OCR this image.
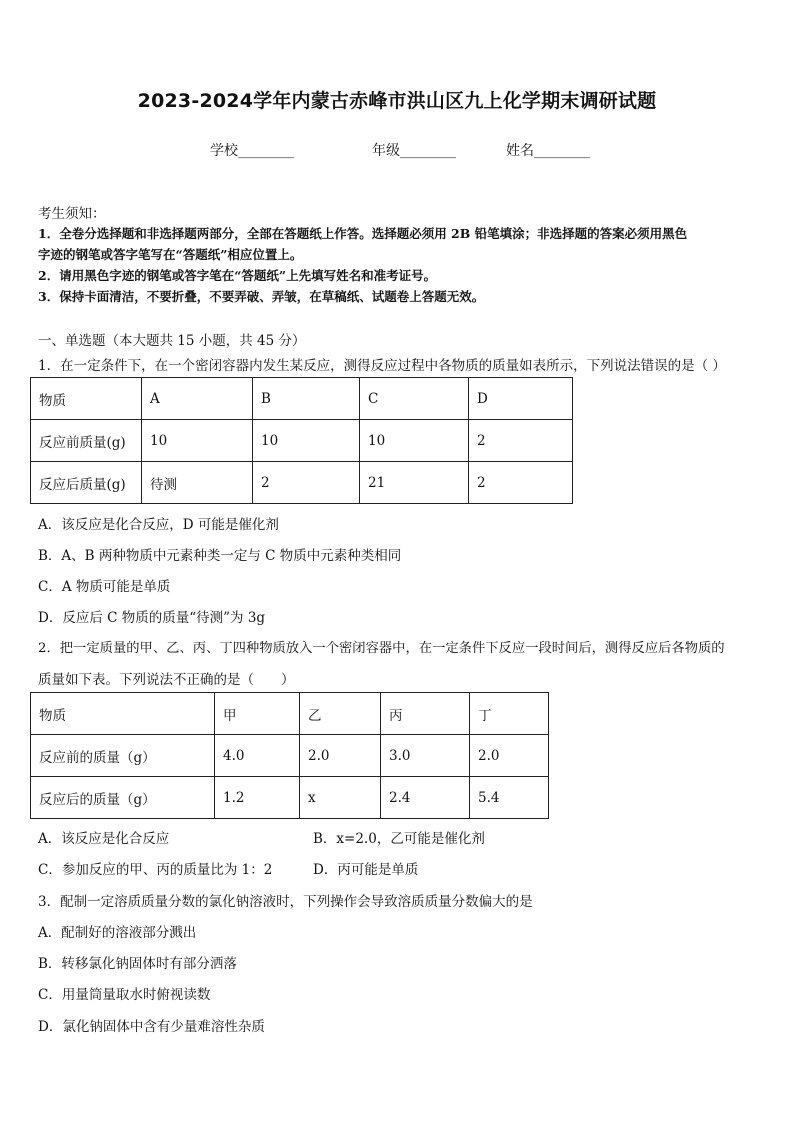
2023-2024学年内蒙古赤峰市洪山区九上化学期末调研试题
学校________	年级________	姓名________
考生须知：
1．全卷分选择题和非选择题两部分，全部在答题纸上作答。选择题必须用 2B 铅笔填涂；非选择题的答案必须用黑色
字迹的钢笔或答字笔写在“答题纸”相应位置上。
2．请用黑色字迹的钢笔或答字笔在“答题纸”上先填写姓名和准考证号。
3．保持卡面清洁，不要折叠，不要弄破、弄皱，在草稿纸、试题卷上答题无效。
一、单选题（本大题共 15 小题，共 45 分）
1．在一定条件下，在一个密闭容器内发生某反应，测得反应过程中各物质的质量如表所示，下列说法错误的是（ ）
物质	A	B	C	D
反应前质量(g)	10	10	10	2
反应后质量(g)	待测	2	21	2
A．该反应是化合反应，D 可能是催化剂
B．A、B 两种物质中元素种类一定与 C 物质中元素种类相同
C．A 物质可能是单质
D．反应后 C 物质的质量“待测”为 3g
2．把一定质量的甲、乙、丙、丁四种物质放入一个密闭容器中，在一定条件下反应一段时间后，测得反应后各物质的
质量如下表。下列说法不正确的是（　　）
物质	甲	乙	丙	丁
反应前的质量（g）	4.0	2.0	3.0	2.0
反应后的质量（g）	1.2	x	2.4	5.4
A．该反应是化合反应	B．x=2.0，乙可能是催化剂
C．参加反应的甲、丙的质量比为 1：2	D．丙可能是单质
3．配制一定溶质质量分数的氯化钠溶液时，下列操作会导致溶质质量分数偏大的是
A．配制好的溶液部分溅出
B．转移氯化钠固体时有部分洒落
C．用量筒量取水时俯视读数
D．氯化钠固体中含有少量难溶性杂质
